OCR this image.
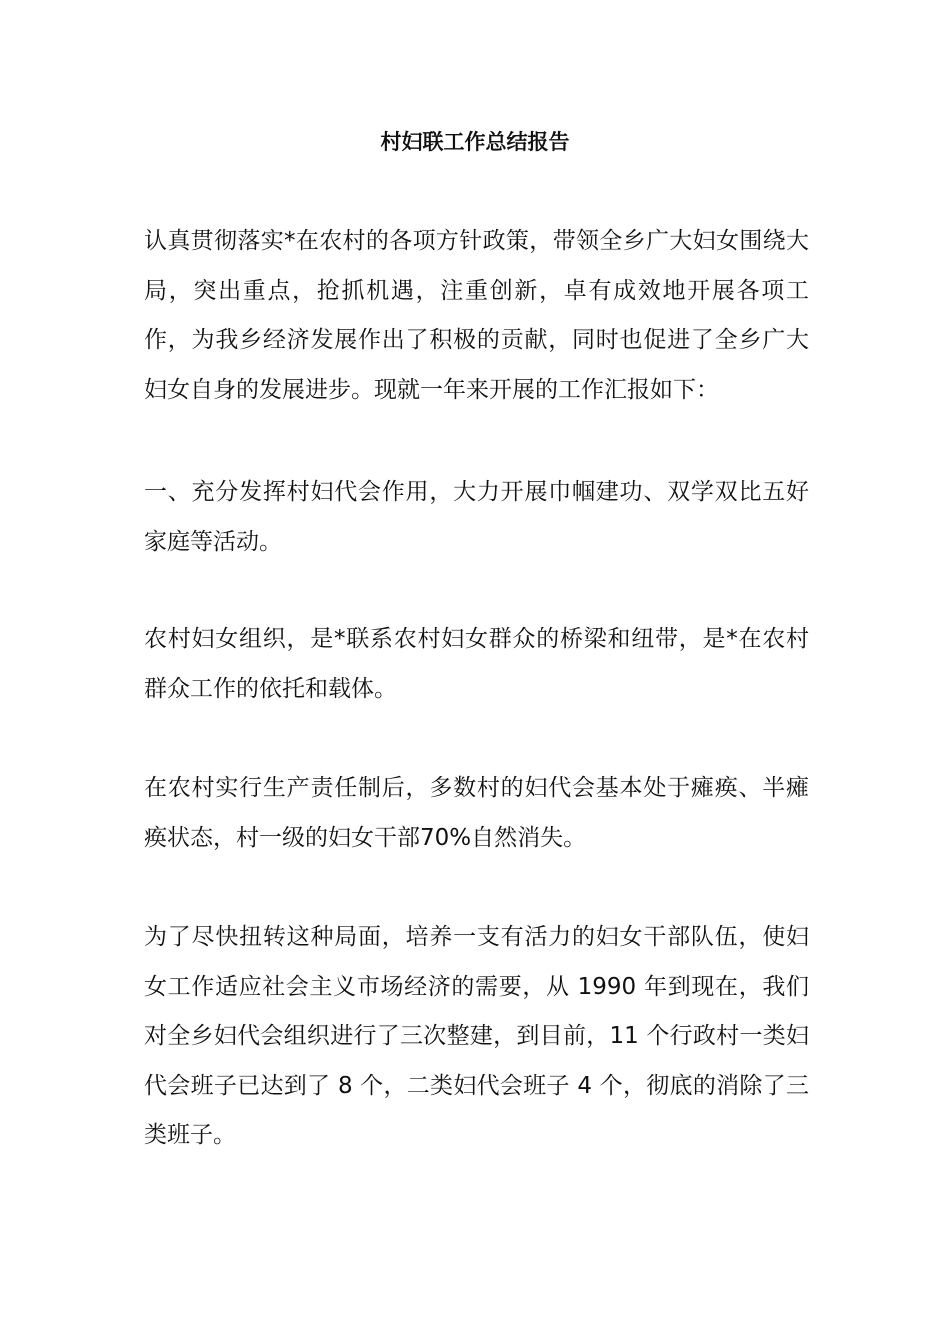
村妇联工作总结报告

认真贯彻落实*在农村的各项方针政策，带领全乡广大妇女围绕大局，突出重点，抢抓机遇，注重创新，卓有成效地开展各项工作，为我乡经济发展作出了积极的贡献，同时也促进了全乡广大妇女自身的发展进步。现就一年来开展的工作汇报如下：

一、充分发挥村妇代会作用，大力开展巾帼建功、双学双比五好家庭等活动。

农村妇女组织，是*联系农村妇女群众的桥梁和纽带，是*在农村群众工作的依托和载体。

在农村实行生产责任制后，多数村的妇代会基本处于瘫痪、半瘫痪状态，村一级的妇女干部70%自然消失。

为了尽快扭转这种局面，培养一支有活力的妇女干部队伍，使妇女工作适应社会主义市场经济的需要，从 1990 年到现在，我们对全乡妇代会组织进行了三次整建，到目前，11 个行政村一类妇代会班子已达到了 8 个，二类妇代会班子 4 个，彻底的消除了三类班子。
